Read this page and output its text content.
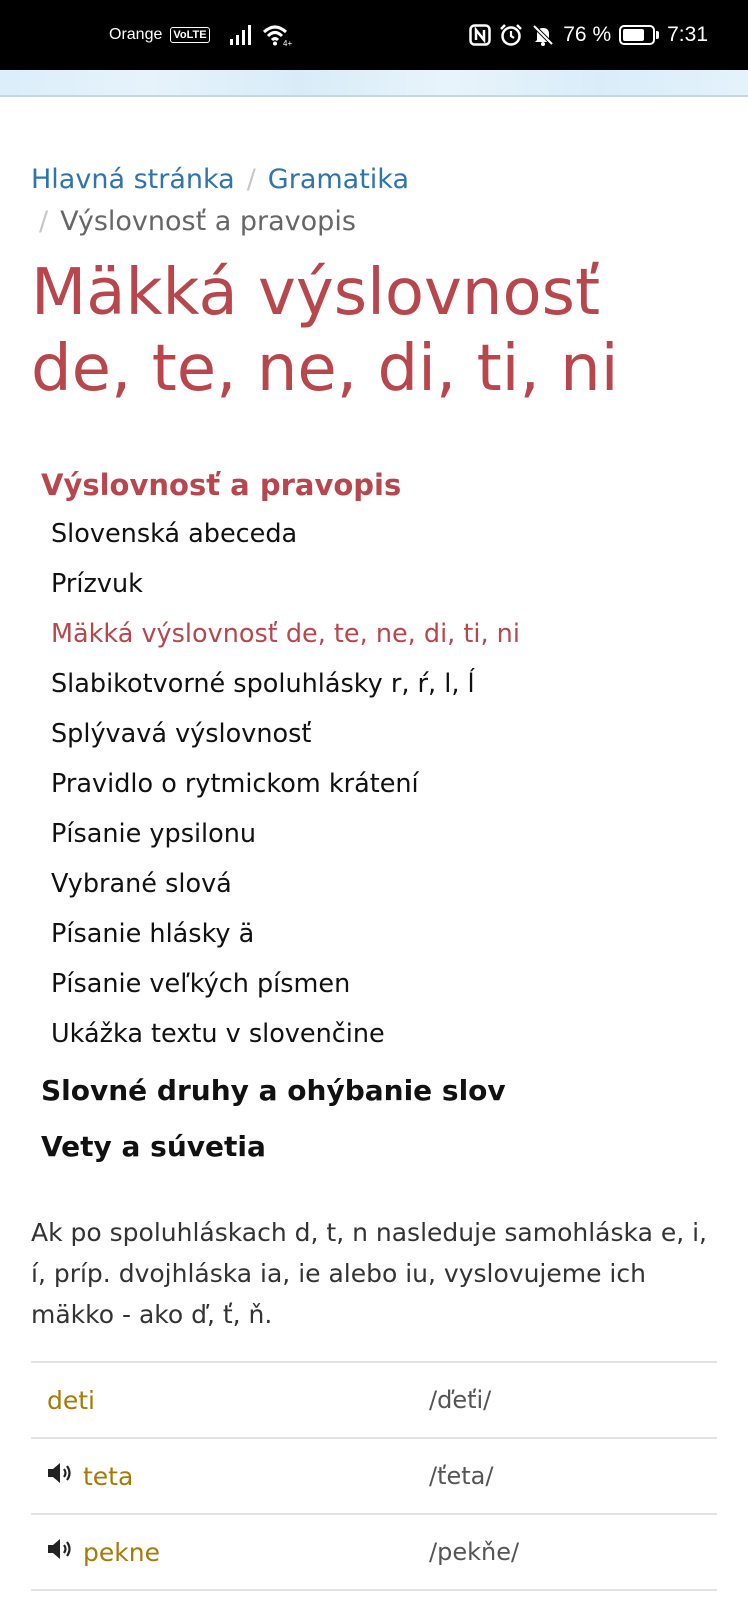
Orange VoLTE
4+	76 %	7:31
Hlavná stránka / Gramatika
/ Výslovnosť a pravopis
Mäkká výslovnosť
de, te, ne, di, ti, ni
Výslovnosť a pravopis
Slovenská abeceda
Prízvuk
Mäkká výslovnosť de, te, ne, di, ti, ni
Slabikotvorné spoluhlásky r, ŕ, l, ĺ
Splývavá výslovnosť
Pravidlo o rytmickom krátení
Písanie ypsilonu
Vybrané slová
Písanie hlásky ä
Písanie veľkých písmen
Ukážka textu v slovenčine
Slovné druhy a ohýbanie slov
Vety a súvetia

Ak po spoluhláskach d, t, n nasleduje samohláska e, i, í, príp. dvojhláska ia, ie alebo iu, vyslovujeme ich mäkko - ako ď, ť, ň.

deti	/ďeťi/
teta	/ťeta/
pekne	/pekňe/
